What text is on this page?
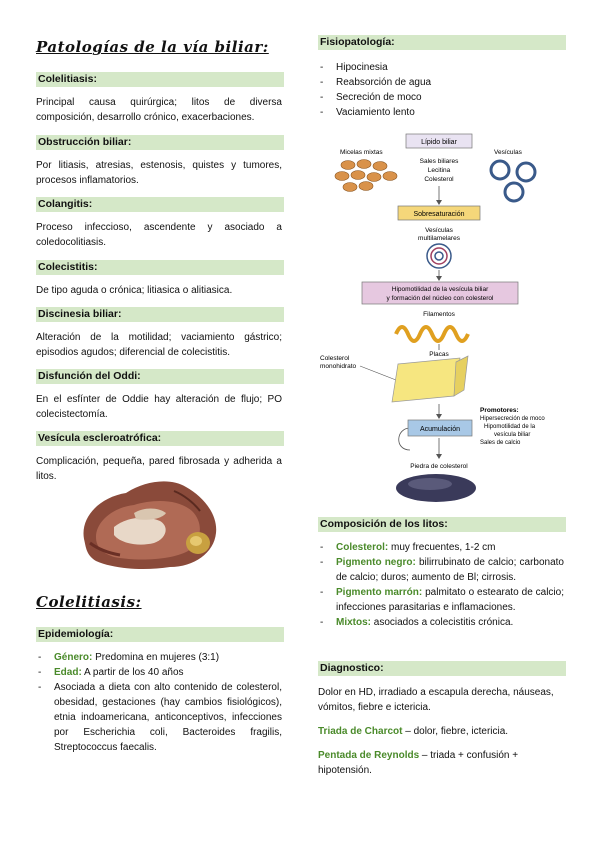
Patologías de la vía biliar:
Colelitiasis:
Principal causa quirúrgica; litos de diversa composición, desarrollo crónico, exacerbaciones.
Obstrucción biliar:
Por litiasis, atresias, estenosis, quistes y tumores, procesos inflamatorios.
Colangitis:
Proceso infeccioso, ascendente y asociado a coledocolitiasis.
Colecistitis:
De tipo aguda o crónica; litiasica o alitiasica.
Discinesia biliar:
Alteración de la motilidad; vaciamiento gástrico; episodios agudos; diferencial de colecistitis.
Disfunción del Oddi:
En el esfínter de Oddie hay alteración de flujo; PO colecistectomía.
Vesícula escleroatrófica:
Complicación, pequeña, pared fibrosada y adherida a litos.
Colelitiasis:
Epidemiología:
- Género: Predomina en mujeres (3:1)
- Edad: A partir de los 40 años
- Asociada a dieta con alto contenido de colesterol, obesidad, gestaciones (hay cambios fisiológicos), etnia indoamericana, anticonceptivos, infecciones por Escherichia coli, Bacteroides fragilis, Streptococcus faecalis.
Fisiopatología:
- Hipocinesia
- Reabsorción de agua
- Secreción de moco
- Vaciamiento lento
Lípido biliar
Micelas mixtas	Vesículas
Sales biliares
Lecitina
Colesterol
Sobresaturación
Vesículas
multilamelares
Hipomotilidad de la vesícula biliar
y formación del núcleo con colesterol
Filamentos
Placas
Colesterol
monohidrato
Acumulación
Promotores:
Hipersecreción de moco
Hipomotilidad de la
vesícula biliar
Sales de calcio
Piedra de colesterol
Composición de los litos:
- Colesterol: muy frecuentes, 1-2 cm
- Pigmento negro: bilirrubinato de calcio; carbonato de calcio; duros; aumento de Bl; cirrosis.
- Pigmento marrón: palmitato o estearato de calcio; infecciones parasitarias e inflamaciones.
- Mixtos: asociados a colecistitis crónica.
Diagnostico:
Dolor en HD, irradiado a escapula derecha, náuseas, vómitos, fiebre e ictericia.
Triada de Charcot – dolor, fiebre, ictericia.
Pentada de Reynolds – triada + confusión + hipotensión.
